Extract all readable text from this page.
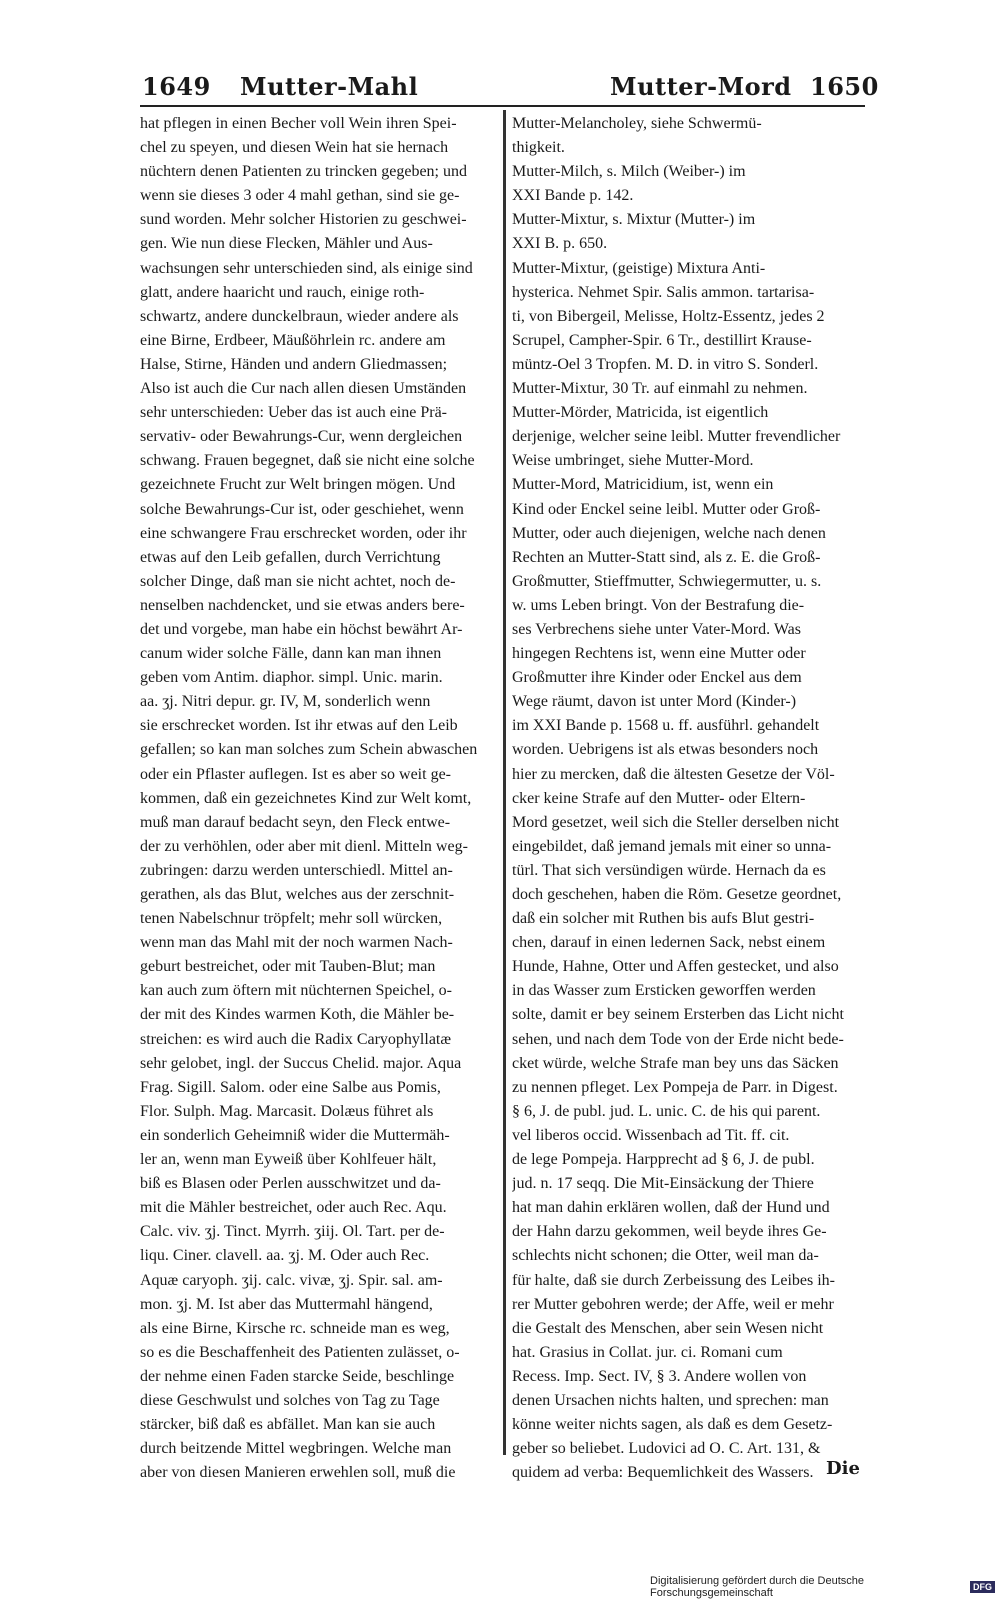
1649 Mutter-Mahl	Mutter-Mord 1650
hat pflegen in einen Becher voll Wein ihren Spei-
chel zu speyen, und diesen Wein hat sie hernach
nüchtern denen Patienten zu trincken gegeben; und
wenn sie dieses 3 oder 4 mahl gethan, sind sie ge-
sund worden. Mehr solcher Historien zu geschwei-
gen. Wie nun diese Flecken, Mähler und Aus-
wachsungen sehr unterschieden sind, als einige sind
glatt, andere haaricht und rauch, einige roth-
schwartz, andere dunckelbraun, wieder andere als
eine Birne, Erdbeer, Mäußöhrlein rc. andere am
Halse, Stirne, Händen und andern Gliedmassen;
Also ist auch die Cur nach allen diesen Umständen
sehr unterschieden: Ueber das ist auch eine Prä-
servativ- oder Bewahrungs-Cur, wenn dergleichen
schwang. Frauen begegnet, daß sie nicht eine solche
gezeichnete Frucht zur Welt bringen mögen. Und
solche Bewahrungs-Cur ist, oder geschiehet, wenn
eine schwangere Frau erschrecket worden, oder ihr
etwas auf den Leib gefallen, durch Verrichtung
solcher Dinge, daß man sie nicht achtet, noch de-
nenselben nachdencket, und sie etwas anders bere-
det und vorgebe, man habe ein höchst bewährt Ar-
canum wider solche Fälle, dann kan man ihnen
geben vom Antim. diaphor. simpl. Unic. marin.
aa. ʒj. Nitri depur. gr. IV, M, sonderlich wenn
sie erschrecket worden. Ist ihr etwas auf den Leib
gefallen; so kan man solches zum Schein abwaschen
oder ein Pflaster auflegen. Ist es aber so weit ge-
kommen, daß ein gezeichnetes Kind zur Welt komt,
muß man darauf bedacht seyn, den Fleck entwe-
der zu verhöhlen, oder aber mit dienl. Mitteln weg-
zubringen: darzu werden unterschiedl. Mittel an-
gerathen, als das Blut, welches aus der zerschnit-
tenen Nabelschnur tröpfelt; mehr soll würcken,
wenn man das Mahl mit der noch warmen Nach-
geburt bestreichet, oder mit Tauben-Blut; man
kan auch zum öftern mit nüchternen Speichel, o-
der mit des Kindes warmen Koth, die Mähler be-
streichen: es wird auch die Radix Caryophyllatæ
sehr gelobet, ingl. der Succus Chelid. major. Aqua
Frag. Sigill. Salom. oder eine Salbe aus Pomis,
Flor. Sulph. Mag. Marcasit. Dolæus führet als
ein sonderlich Geheimniß wider die Muttermäh-
ler an, wenn man Eyweiß über Kohlfeuer hält,
biß es Blasen oder Perlen ausschwitzet und da-
mit die Mähler bestreichet, oder auch Rec. Aqu.
Calc. viv. ʒj. Tinct. Myrrh. ʒiij. Ol. Tart. per de-
liqu. Ciner. clavell. aa. ʒj. M. Oder auch Rec.
Aquæ caryoph. ʒij. calc. vivæ, ʒj. Spir. sal. am-
mon. ʒj. M. Ist aber das Muttermahl hängend,
als eine Birne, Kirsche rc. schneide man es weg,
so es die Beschaffenheit des Patienten zulässet, o-
der nehme einen Faden starcke Seide, beschlinge
diese Geschwulst und solches von Tag zu Tage
stärcker, biß daß es abfället. Man kan sie auch
durch beitzende Mittel wegbringen. Welche man
aber von diesen Manieren erwehlen soll, muß die
Mutter-Melancholey, siehe Schwermü-
thigkeit.
Mutter-Milch, s. Milch (Weiber-) im
XXI Bande p. 142.
Mutter-Mixtur, s. Mixtur (Mutter-) im
XXI B. p. 650.
Mutter-Mixtur, (geistige) Mixtura Anti-
hysterica. Nehmet Spir. Salis ammon. tartarisa-
ti, von Bibergeil, Melisse, Holtz-Essentz, jedes 2
Scrupel, Campher-Spir. 6 Tr., destillirt Krause-
müntz-Oel 3 Tropfen. M. D. in vitro S. Sonderl.
Mutter-Mixtur, 30 Tr. auf einmahl zu nehmen.
Mutter-Mörder, Matricida, ist eigentlich
derjenige, welcher seine leibl. Mutter frevendlicher
Weise umbringet, siehe Mutter-Mord.
Mutter-Mord, Matricidium, ist, wenn ein
Kind oder Enckel seine leibl. Mutter oder Groß-
Mutter, oder auch diejenigen, welche nach denen
Rechten an Mutter-Statt sind, als z. E. die Groß-
Großmutter, Stieffmutter, Schwiegermutter, u. s.
w. ums Leben bringt. Von der Bestrafung die-
ses Verbrechens siehe unter Vater-Mord. Was
hingegen Rechtens ist, wenn eine Mutter oder
Großmutter ihre Kinder oder Enckel aus dem
Wege räumt, davon ist unter Mord (Kinder-)
im XXI Bande p. 1568 u. ff. ausführl. gehandelt
worden. Uebrigens ist als etwas besonders noch
hier zu mercken, daß die ältesten Gesetze der Völ-
cker keine Strafe auf den Mutter- oder Eltern-
Mord gesetzet, weil sich die Steller derselben nicht
eingebildet, daß jemand jemals mit einer so unna-
türl. That sich versündigen würde. Hernach da es
doch geschehen, haben die Röm. Gesetze geordnet,
daß ein solcher mit Ruthen bis aufs Blut gestri-
chen, darauf in einen ledernen Sack, nebst einem
Hunde, Hahne, Otter und Affen gestecket, und also
in das Wasser zum Ersticken geworffen werden
solte, damit er bey seinem Ersterben das Licht nicht
sehen, und nach dem Tode von der Erde nicht bede-
cket würde, welche Strafe man bey uns das Säcken
zu nennen pfleget. Lex Pompeja de Parr. in Digest.
§ 6, J. de publ. jud. L. unic. C. de his qui parent.
vel liberos occid. Wissenbach ad Tit. ff. cit.
de lege Pompeja. Harpprecht ad § 6, J. de publ.
jud. n. 17 seqq. Die Mit-Einsäckung der Thiere
hat man dahin erklären wollen, daß der Hund und
der Hahn darzu gekommen, weil beyde ihres Ge-
schlechts nicht schonen; die Otter, weil man da-
für halte, daß sie durch Zerbeissung des Leibes ih-
rer Mutter gebohren werde; der Affe, weil er mehr
die Gestalt des Menschen, aber sein Wesen nicht
hat. Grasius in Collat. jur. ci. Romani cum
Recess. Imp. Sect. IV, § 3. Andere wollen von
denen Ursachen nichts halten, und sprechen: man
könne weiter nichts sagen, als daß es dem Gesetz-
geber so beliebet. Ludovici ad O. C. Art. 131, &
quidem ad verba: Bequemlichkeit des Wassers. Die
Digitalisierung gefördert durch die Deutsche Forschungsgemeinschaft	DFG
